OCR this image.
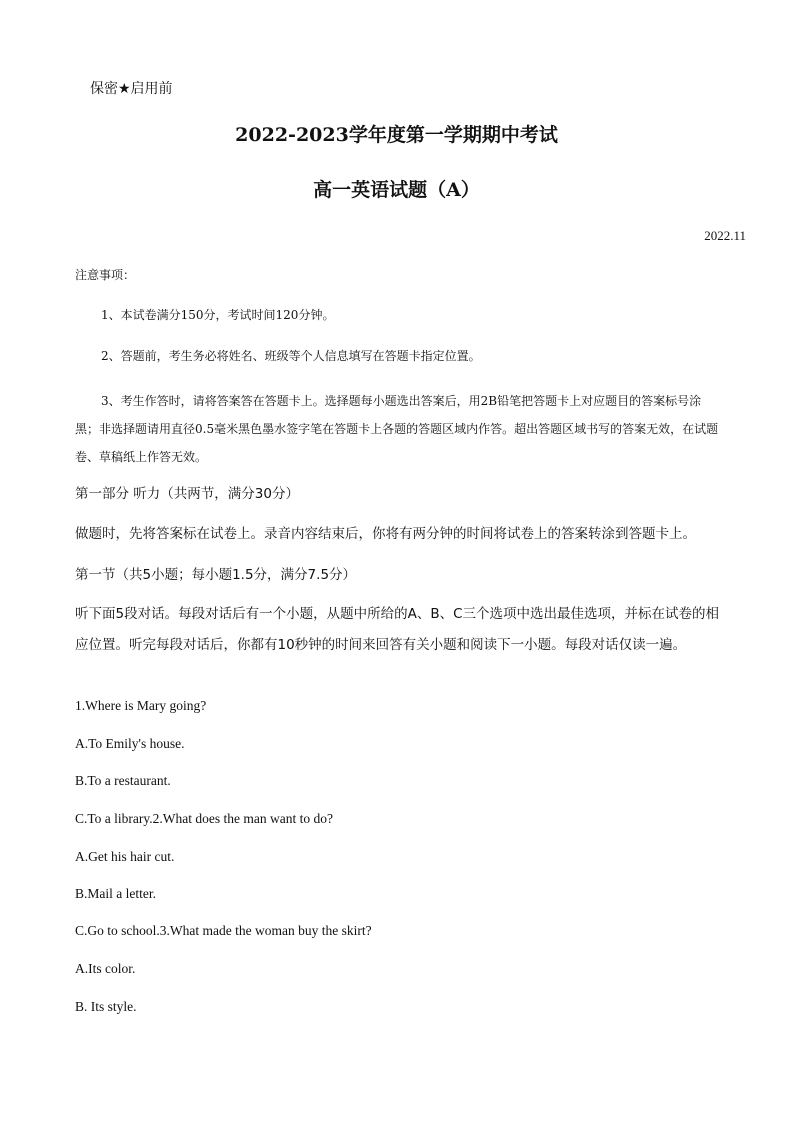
保密★启用前
2022-2023学年度第一学期期中考试
高一英语试题（A）
2022.11
注意事项：
1、本试卷满分150分，考试时间120分钟。
2、答题前，考生务必将姓名、班级等个人信息填写在答题卡指定位置。
3、考生作答时，请将答案答在答题卡上。选择题每小题选出答案后，用2B铅笔把答题卡上对应题目的答案标号涂黑；非选择题请用直径0.5毫米黑色墨水签字笔在答题卡上各题的答题区域内作答。超出答题区域书写的答案无效，在试题卷、草稿纸上作答无效。
第一部分 听力（共两节，满分30分）
做题时，先将答案标在试卷上。录音内容结束后，你将有两分钟的时间将试卷上的答案转涂到答题卡上。
第一节（共5小题；每小题1.5分，满分7.5分）
听下面5段对话。每段对话后有一个小题，从题中所给的A、B、C三个选项中选出最佳选项，并标在试卷的相应位置。听完每段对话后，你都有10秒钟的时间来回答有关小题和阅读下一小题。每段对话仅读一遍。
1.Where is Mary going?
A.To Emily's house.
B.To a restaurant.
C.To a library.2.What does the man want to do?
A.Get his hair cut.
B.Mail a letter.
C.Go to school.3.What made the woman buy the skirt?
A.Its color.
B. Its style.
